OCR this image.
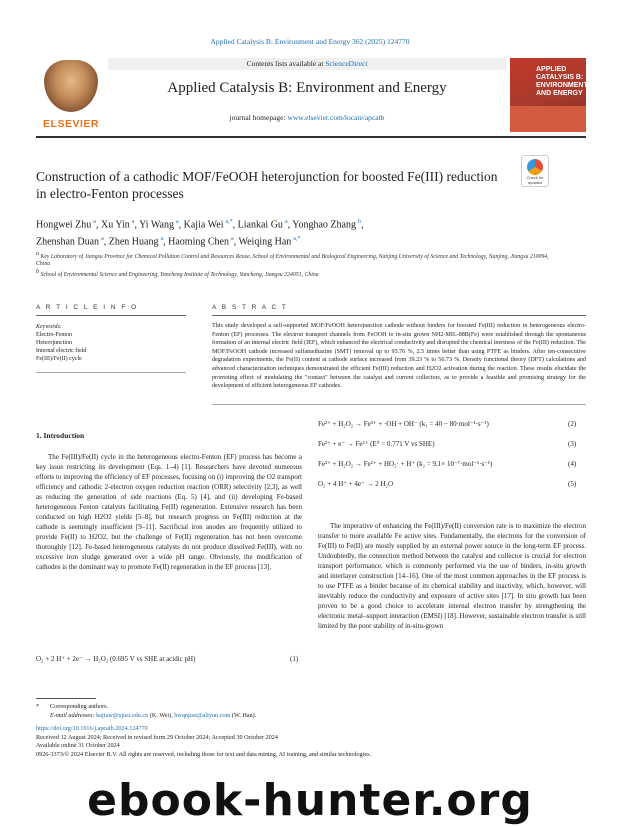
Applied Catalysis B: Environment and Energy 362 (2025) 124770
ELSEVIER
Contents lists available at ScienceDirect
Applied Catalysis B: Environment and Energy
journal homepage: www.elsevier.com/locate/apcatb
APPLIED CATALYSIS B: ENVIRONMENT AND ENERGY
Check for updates
Construction of a cathodic MOF/FeOOH heterojunction for boosted Fe(III) reduction in electro-Fenton processes
Hongwei Zhu  $^a$, Xu Yin  $^a$, Yi Wang  $^a$, Kajia Wei  $^{a,*}$, Liankai Gu  $^a$, Yonghao Zhang  $^b$,
Zhenshan Duan  $^a$, Zhen Huang  $^a$, Haoming Chen  $^a$, Weiqing Han  $^{a,*}$
$^a$ Key Laboratory of Jiangsu Province for Chemical Pollution Control and Resources Reuse, School of Environmental and Biological Engineering, Nanjing University of Science and Technology, Nanjing, Jiangsu 210094, China
$^b$ School of Environmental Science and Engineering, Yancheng Institute of Technology, Yancheng, Jiangsu 224051, China
A R T I C L E I N F O	A B S T R A C T
Keywords:
Electro-Fenton
Heterojunction
Internal electric field
Fe(III)/Fe(II) cycle
This study developed a self-supported MOF/FeOOH heterojunction cathode without binders for boosted Fe(III) reduction in heterogeneous electro-Fenton (EF) processes. The electron transport channels from FeOOH to in-situ grown NH2-MIL-88B(Fe) were established through the spontaneous formation of an internal electric field (IEF), which enhanced the electrical conductivity and disrupted the chemical inertness of the Fe(III) reduction. The MOF/FeOOH cathode increased sulfamethazine (SMT) removal up to 95.76 %, 2.5 times better than using PTFE as binders. After ten-consecutive degradation experiments, the Fe(II) content at cathode surface increased from 39.23 % to 56.73 %. Density functional theory (DFT) calculations and advanced characterization techniques demonstrated the efficient Fe(III) reduction and H2O2 activation during the reaction. These results elucidate the promoting effect of modulating the "contact" between the catalyst and current collectors, as to provide a feasible and promising strategy for the development of efficient heterogeneous EF cathodes.
1. Introduction
The Fe(III)/Fe(II) cycle in the heterogeneous electro-Fenton (EF) process has become a key issue restricting its development (Eqs. 1–4) [1]. Researchers have devoted numerous efforts to improving the efficiency of EF processes, focusing on (i) improving the O2 transport efficiency and cathodic 2-electron oxygen reduction reaction (ORR) selectivity [2,3], as well as reducing the generation of side reactions (Eq. 5) [4], and (ii) developing Fe-based heterogeneous Fenton catalysts facilitating Fe(II) regeneration. Extensive research has been conducted on high H2O2 yields [5–8], but research progress on Fe(III) reduction at the cathode is seemingly insufficient [9–11]. Sacrificial iron anodes are frequently utilized to provide Fe(II) to H2O2, but the challenge of Fe(II) regeneration has not been overcome thoroughly [12]. Fe-based heterogeneous catalysts do not produce dissolved Fe(III), with no excessive iron sludge generated over a wide pH range. Obviously, the modification of cathodes is the dominant way to promote Fe(II) regeneration in the EF process [13].
O₂ + 2 H⁺ + 2e⁻ → H₂O₂ (0.695 V vs SHE at acidic pH)	(1)
Fe²⁺ + H₂O₂ → Fe³⁺ + ·OH + OH⁻ (k₁ = 40 − 80·mol⁻¹·s⁻¹)	(2)
Fe³⁺ + e⁻ → Fe²⁺ (E⁰ = 0.771 V vs SHE)	(3)
Fe³⁺ + H₂O₂ → Fe²⁺ + HO₂· + H⁺ (k₂ = 9.1× 10⁻⁷·mol⁻¹·s⁻¹)	(4)
O₂ + 4 H⁺ + 4e⁻ → 2 H₂O	(5)
The imperative of enhancing the Fe(III)/Fe(II) conversion rate is to maximize the electron transfer to more available Fe active sites. Fundamentally, the electrons for the conversion of Fe(III) to Fe(II) are mostly supplied by an external power source in the long-term EF process. Undoubtedly, the connection method between the catalyst and collector is crucial for electron transport performance, which is commonly performed via the use of binders, in-situ growth and interlayer construction [14–16]. One of the most common approaches in the EF process is to use PTFE as a binder because of its chemical stability and inactivity, which, however, will inevitably reduce the conductivity and exposure of active sites [17]. In situ growth has been proven to be a good choice to accelerate internal electron transfer by strengthening the electronic metal–support interaction (EMSI) [18]. However, sustainable electron transfer is still limited by the poor stability of in-situ-grown
* Corresponding authors.
E-mail addresses: kajiaw@njust.edu.cn (K. Wei), hwqnjust@aliyun.com (W. Han).
https://doi.org/10.1016/j.apcatb.2024.124770
Received 12 August 2024; Received in revised form 29 October 2024; Accepted 30 October 2024
Available online 31 October 2024
0926-3373/© 2024 Elsevier B.V. All rights are reserved, including those for text and data mining, AI training, and similar technologies.
ebook-hunter.org
